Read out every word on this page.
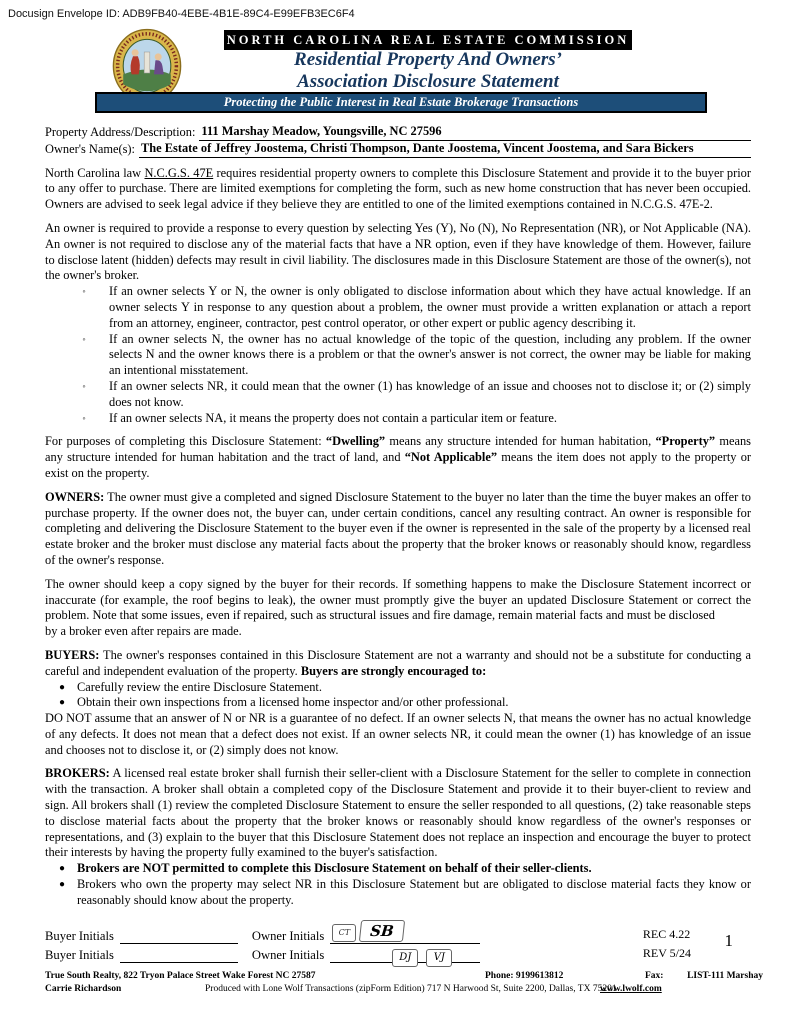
Docusign Envelope ID: ADB9FB40-4EBE-4B1E-89C4-E99EFB3EC6F4
NORTH CAROLINA REAL ESTATE COMMISSION
Residential Property And Owners’
Association Disclosure Statement
Protecting the Public Interest in Real Estate Brokerage Transactions
Property Address/Description: 111 Marshay Meadow, Youngsville, NC 27596
Owner's Name(s): The Estate of Jeffrey Joostema, Christi Thompson, Dante Joostema, Vincent Joostema, and Sara Bickers

North Carolina law N.C.G.S. 47E requires residential property owners to complete this Disclosure Statement and provide it to the buyer prior to any offer to purchase. There are limited exemptions for completing the form, such as new home construction that has never been occupied. Owners are advised to seek legal advice if they believe they are entitled to one of the limited exemptions contained in N.C.G.S. 47E-2.

An owner is required to provide a response to every question by selecting Yes (Y), No (N), No Representation (NR), or Not Applicable (NA). An owner is not required to disclose any of the material facts that have a NR option, even if they have knowledge of them. However, failure to disclose latent (hidden) defects may result in civil liability. The disclosures made in this Disclosure Statement are those of the owner(s), not the owner's broker.

◦	If an owner selects Y or N, the owner is only obligated to disclose information about which they have actual knowledge. If an owner selects Y in response to any question about a problem, the owner must provide a written explanation or attach a report from an attorney, engineer, contractor, pest control operator, or other expert or public agency describing it.
◦	If an owner selects N, the owner has no actual knowledge of the topic of the question, including any problem. If the owner selects N and the owner knows there is a problem or that the owner's answer is not correct, the owner may be liable for making an intentional misstatement.
◦	If an owner selects NR, it could mean that the owner (1) has knowledge of an issue and chooses not to disclose it; or (2) simply does not know.
◦	If an owner selects NA, it means the property does not contain a particular item or feature.

For purposes of completing this Disclosure Statement: “Dwelling” means any structure intended for human habitation, “Property” means any structure intended for human habitation and the tract of land, and “Not Applicable” means the item does not apply to the property or exist on the property.

OWNERS: The owner must give a completed and signed Disclosure Statement to the buyer no later than the time the buyer makes an offer to purchase property. If the owner does not, the buyer can, under certain conditions, cancel any resulting contract. An owner is responsible for completing and delivering the Disclosure Statement to the buyer even if the owner is represented in the sale of the property by a licensed real estate broker and the broker must disclose any material facts about the property that the broker knows or reasonably should know, regardless of the owner's response.

The owner should keep a copy signed by the buyer for their records. If something happens to make the Disclosure Statement incorrect or inaccurate (for example, the roof begins to leak), the owner must promptly give the buyer an updated Disclosure Statement or correct the problem. Note that some issues, even if repaired, such as structural issues and fire damage, remain material facts and must be disclosed
by a broker even after repairs are made.

BUYERS: The owner's responses contained in this Disclosure Statement are not a warranty and should not be a substitute for conducting a careful and independent evaluation of the property. Buyers are strongly encouraged to:

● Carefully review the entire Disclosure Statement.
● Obtain their own inspections from a licensed home inspector and/or other professional.

DO NOT assume that an answer of N or NR is a guarantee of no defect. If an owner selects N, that means the owner has no actual knowledge of any defects. It does not mean that a defect does not exist. If an owner selects NR, it could mean the owner (1) has knowledge of an issue and chooses not to disclose it, or (2) simply does not know.

BROKERS: A licensed real estate broker shall furnish their seller-client with a Disclosure Statement for the seller to complete in connection with the transaction. A broker shall obtain a completed copy of the Disclosure Statement and provide it to their buyer-client to review and sign. All brokers shall (1) review the completed Disclosure Statement to ensure the seller responded to all questions, (2) take reasonable steps to disclose material facts about the property that the broker knows or reasonably should know regardless of the owner's responses or representations, and (3) explain to the buyer that this Disclosure Statement does not replace an inspection and encourage the buyer to protect their interests by having the property fully examined to the buyer's satisfaction.

● Brokers are NOT permitted to complete this Disclosure Statement on behalf of their seller-clients.
● Brokers who own the property may select NR in this Disclosure Statement but are obligated to disclose material facts they know or reasonably should know about the property.
Buyer Initials	Owner Initials	CT	SB
Buyer Initials	Owner Initials	DJ	VJ
REC 4.22
REV 5/24
1
True South Realty, 822 Tryon Palace Street Wake Forest NC 27587	Phone: 9199613812	Fax: LIST-111 Marshay
Carrie Richardson	Produced with Lone Wolf Transactions (zipForm Edition) 717 N Harwood St, Suite 2200, Dallas, TX 75201
www.lwolf.com
